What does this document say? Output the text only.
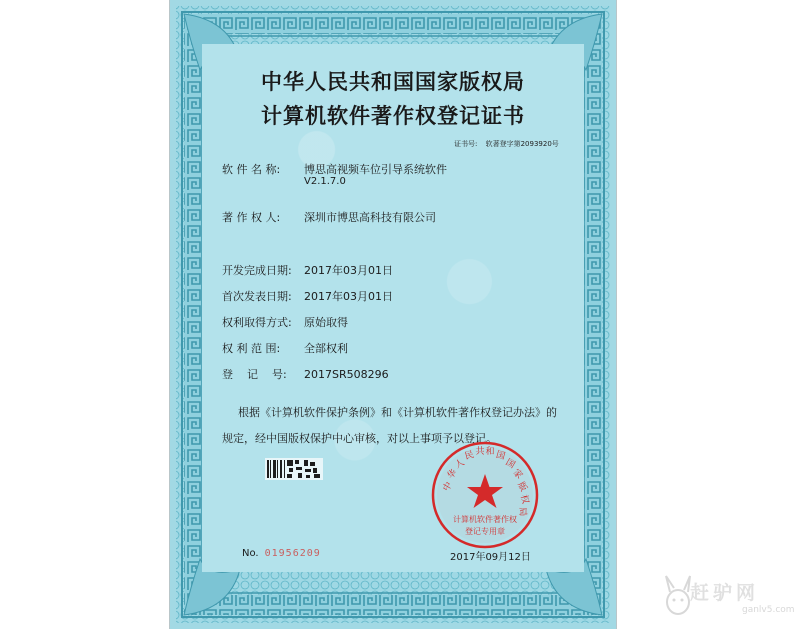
中华人民共和国国家版权局
计算机软件著作权登记证书
证书号: 软著登字第2093920号
软 件 名 称: 博思高视频车位引导系统软件
V2.1.7.0
著 作 权 人: 深圳市博思高科技有限公司
开发完成日期: 2017年03月01日
首次发表日期: 2017年03月01日
权利取得方式: 原始取得
权 利 范 围: 全部权利
登    记    号: 2017SR508296
根据《计算机软件保护条例》和《计算机软件著作权登记办法》的
规定，经中国版权保护中心审核，对以上事项予以登记。
中
华
人
民 共 和 国
国
家
版
权
局
计算机软件著作权
登记专用章
No. 01956209	2017年09月12日
赶驴网
ganlv5.com
